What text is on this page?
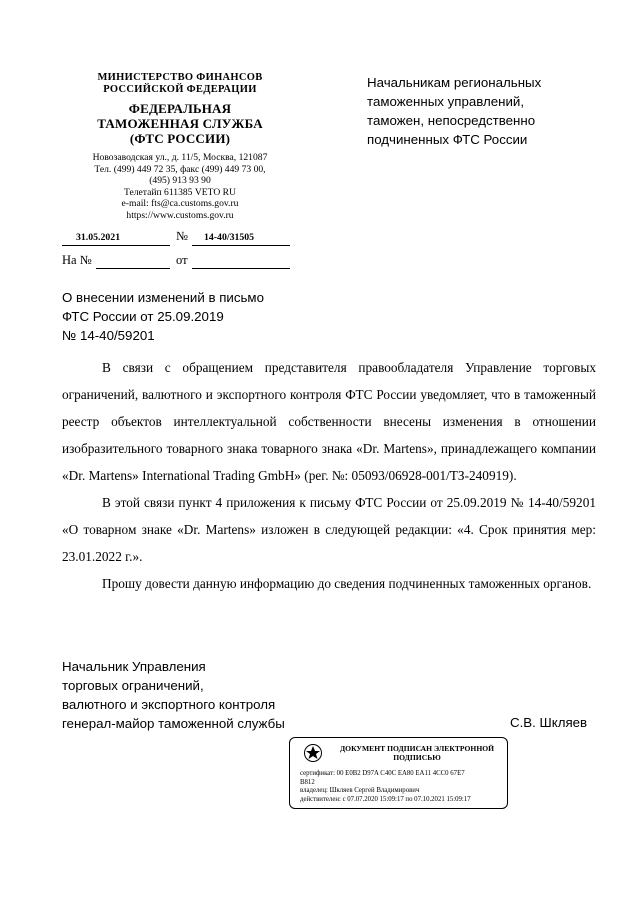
МИНИСТЕРСТВО ФИНАНСОВ
РОССИЙСКОЙ ФЕДЕРАЦИИ
ФЕДЕРАЛЬНАЯ
ТАМОЖЕННАЯ СЛУЖБА
(ФТС РОССИИ)
Новозаводская ул., д. 11/5, Москва, 121087
Тел. (499) 449 72 35, факс (499) 449 73 00,
(495) 913 93 90
Телетайп 611385 VETO RU
e-mail: fts@ca.customs.gov.ru
https://www.customs.gov.ru
Начальникам региональных
таможенных управлений,
таможен, непосредственно
подчиненных ФТС России
31.05.2021	№ 14-40/31505
На №	от
О внесении изменений в письмо
ФТС России от 25.09.2019
№ 14-40/59201

В связи с обращением представителя правообладателя Управление торговых ограничений, валютного и экспортного контроля ФТС России уведомляет, что в таможенный реестр объектов интеллектуальной собственности внесены изменения в отношении изобразительного товарного знака товарного знака «Dr. Martens», принадлежащего компании «Dr. Martens» International Trading GmbH» (рег. №: 05093/06928-001/ТЗ-240919).

В этой связи пункт 4 приложения к письму ФТС России от 25.09.2019 № 14-40/59201 «О товарном знаке «Dr. Martens» изложен в следующей редакции: «4. Срок принятия мер: 23.01.2022 г.».

Прошу довести данную информацию до сведения подчиненных таможенных органов.

Начальник Управления
торговых ограничений,
валютного и экспортного контроля
генерал-майор таможенной службы	С.В. Шкляев
ДОКУМЕНТ ПОДПИСАН ЭЛЕКТРОННОЙ
ПОДПИСЬЮ
сертификат: 00 E0B2 D97A C40C EA80 EA11 4CC0 67E7
B812
владелец: Шкляев Сергей Владимирович
действителен: с 07.07.2020 15:09:17 по 07.10.2021 15:09:17
